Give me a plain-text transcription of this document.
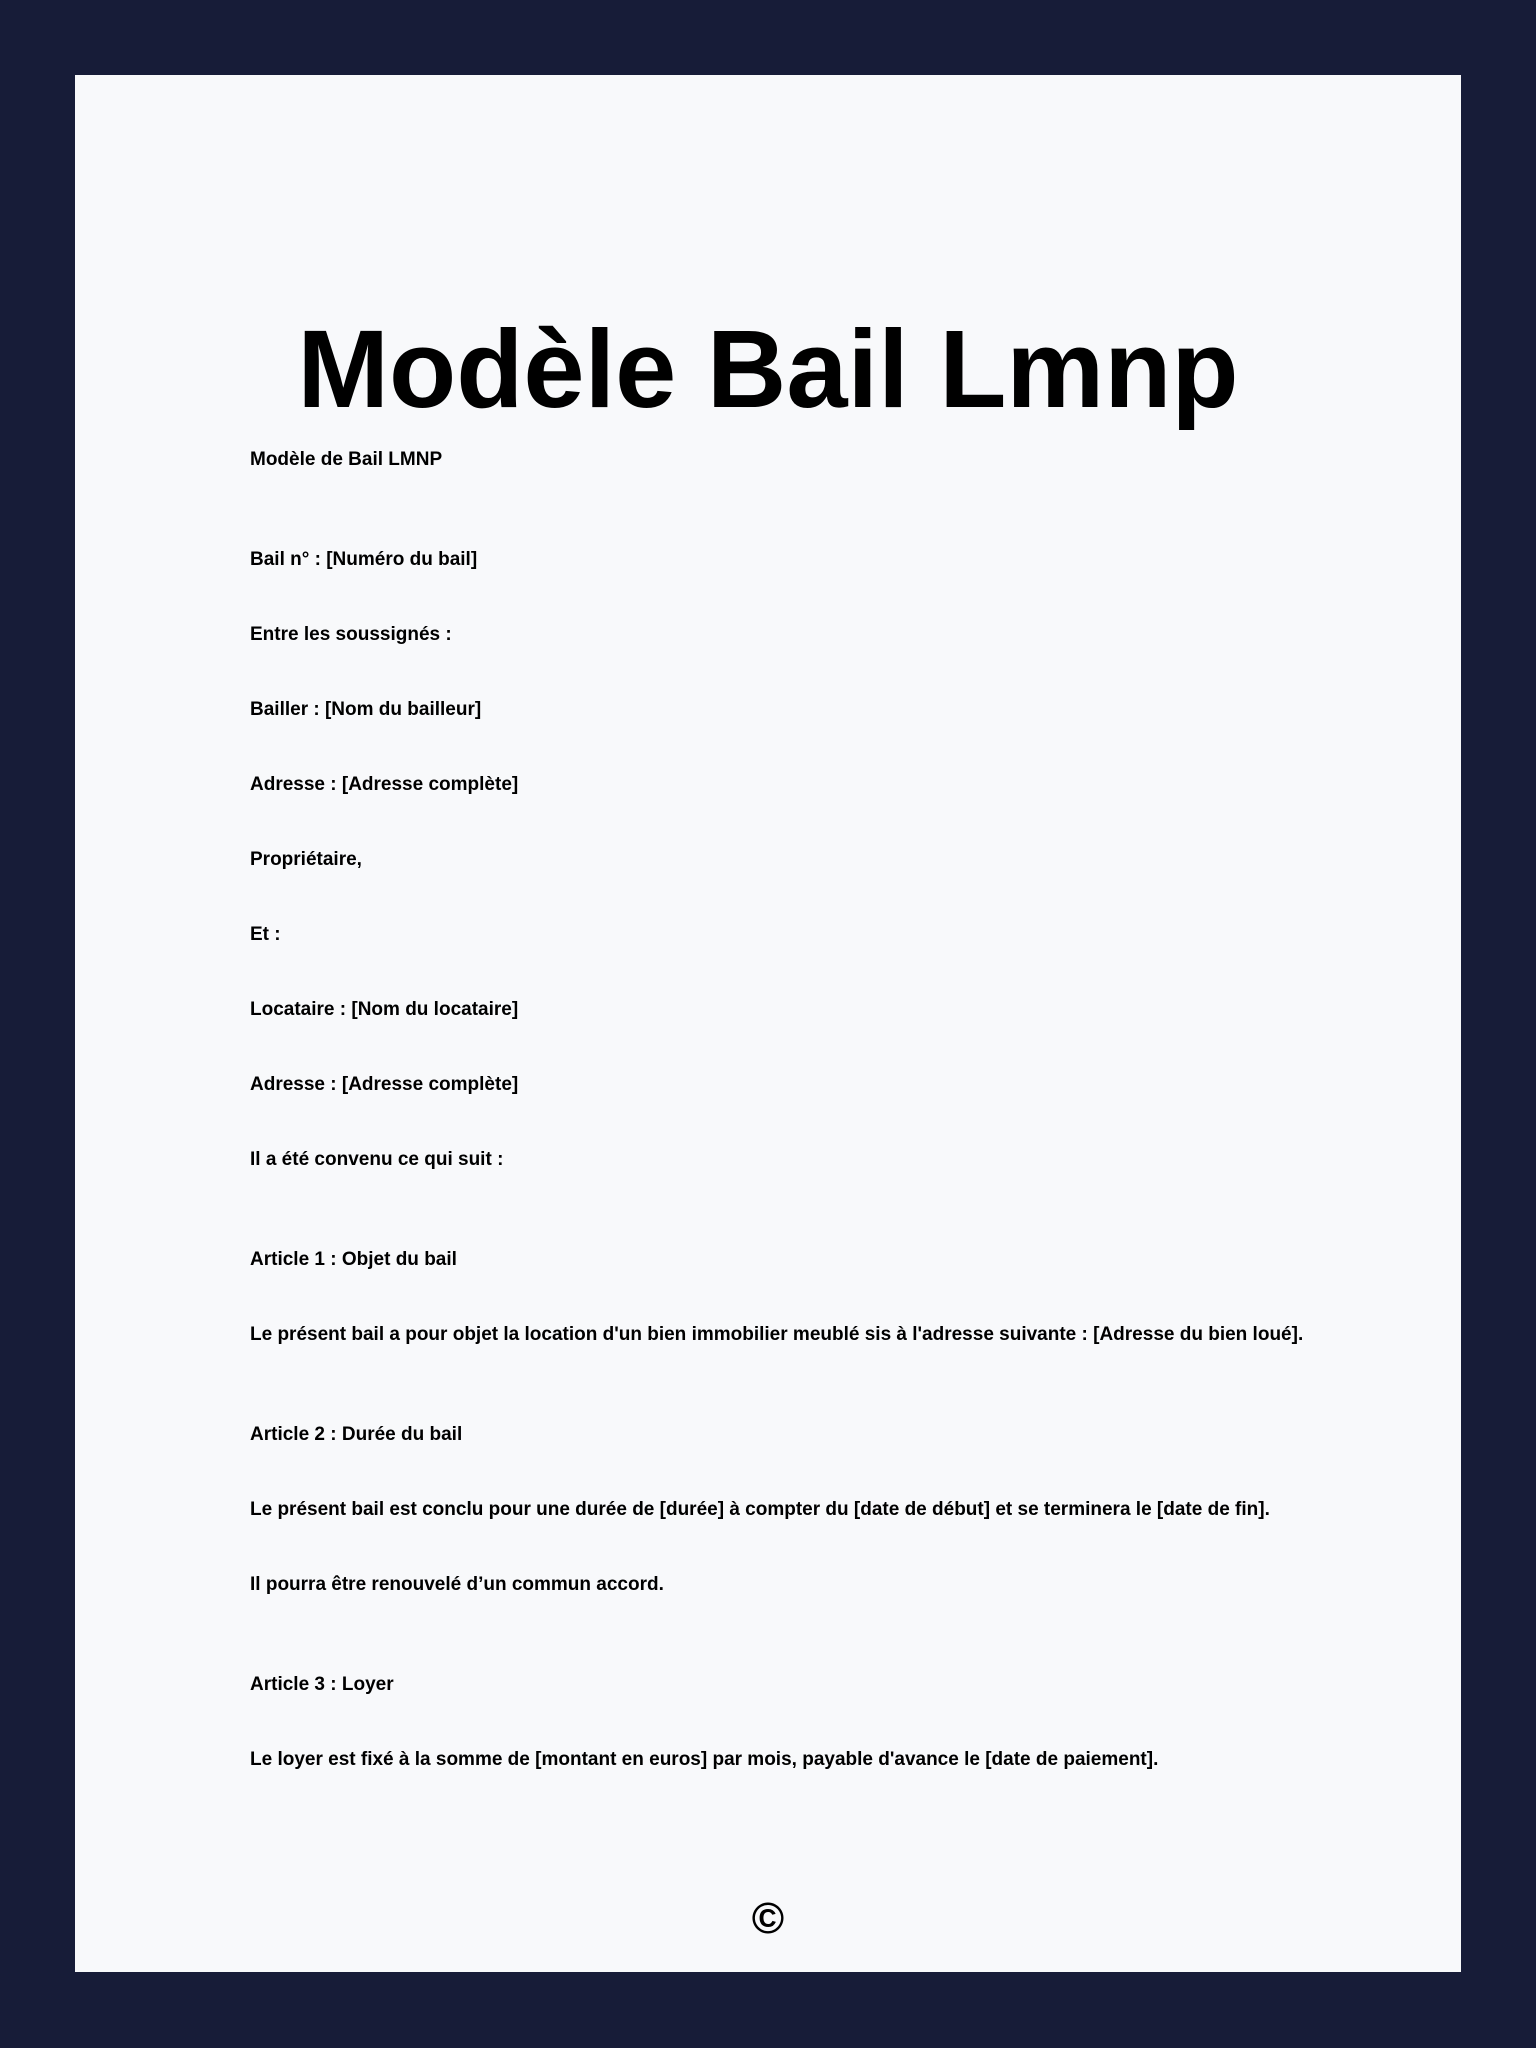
Modèle Bail Lmnp

Modèle de Bail LMNP

Bail n° : [Numéro du bail]

Entre les soussignés :

Bailler : [Nom du bailleur]

Adresse : [Adresse complète]

Propriétaire,

Et :

Locataire : [Nom du locataire]

Adresse : [Adresse complète]

Il a été convenu ce qui suit :

Article 1 : Objet du bail

Le présent bail a pour objet la location d'un bien immobilier meublé sis à l'adresse suivante : [Adresse du bien loué].

Article 2 : Durée du bail

Le présent bail est conclu pour une durée de [durée] à compter du [date de début] et se terminera le [date de fin].

Il pourra être renouvelé d’un commun accord.

Article 3 : Loyer

Le loyer est fixé à la somme de [montant en euros] par mois, payable d'avance le [date de paiement].

©
